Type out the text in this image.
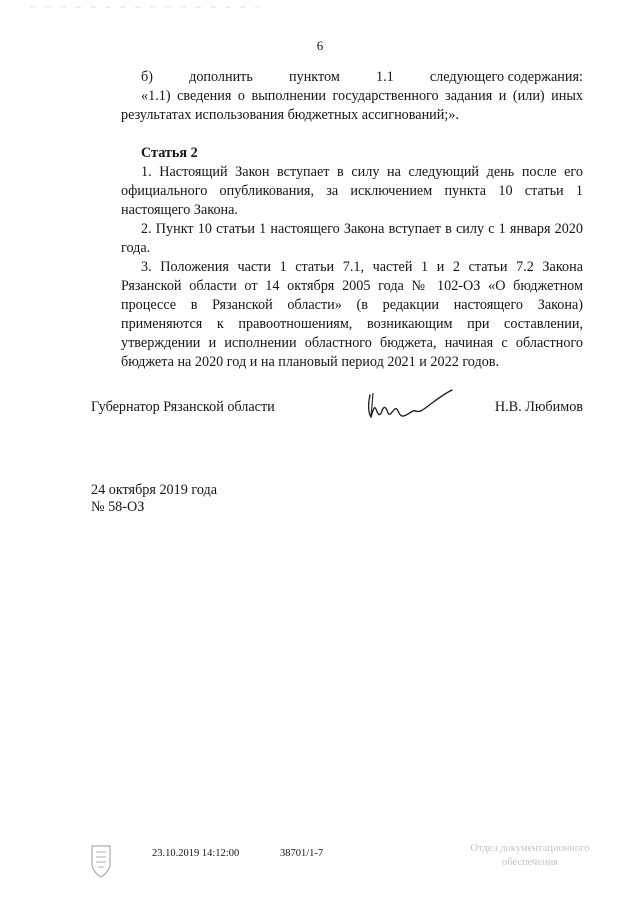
6
б)	дополнить	пунктом	1.1	следующего содержания:

«1.1) сведения о выполнении государственного задания и (или) иных результатах использования бюджетных ассигнований;».

Статья 2

1. Настоящий Закон вступает в силу на следующий день после его официального опубликования, за исключением пункта 10 статьи 1 настоящего Закона.

2. Пункт 10 статьи 1 настоящего Закона вступает в силу с 1 января 2020 года.

3. Положения части 1 статьи 7.1, частей 1 и 2 статьи 7.2 Закона Рязанской области от 14 октября 2005 года № 102-ОЗ «О бюджетном процессе в Рязанской области» (в редакции настоящего Закона) применяются к правоотношениям, возникающим при составлении, утверждении и исполнении областного бюджета, начиная с областного бюджета на 2020 год и на плановый период 2021 и 2022 годов.

Губернатор Рязанской области	Н.В. Любимов
24 октября 2019 года
№ 58-ОЗ
23.10.2019 14:12:00	38701/1-7	Отдел документационного
обеспечения
